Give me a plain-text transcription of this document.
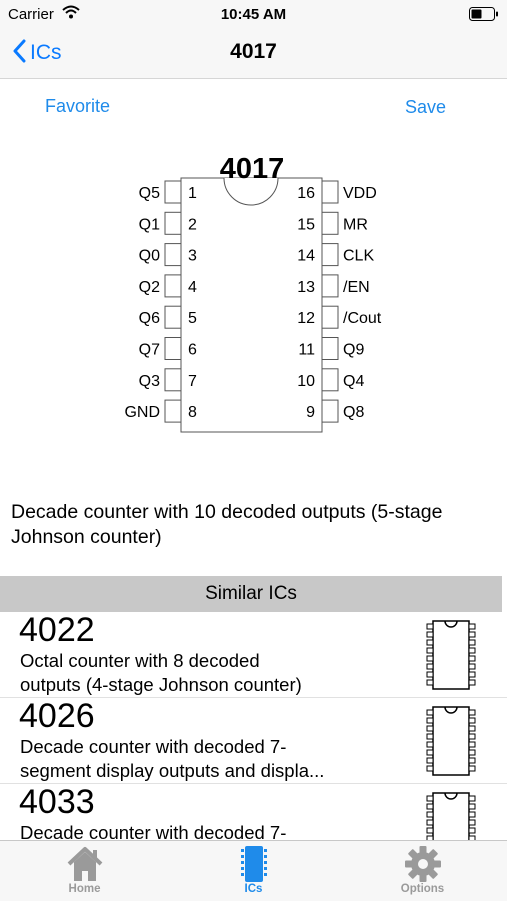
Carrier	10:45 AM
ICs	4017
Favorite	Save
4017
1
Q5
2
Q1
3
Q0
4
Q2
5
Q6
6
Q7
7
Q3
8
GND
16 VDD
15 MR
14 CLK
13 /EN
12 /Cout
11 Q9
10 Q4
9 Q8
Decade counter with 10 decoded outputs (5-stage Johnson counter)
Similar ICs
4022
Octal counter with 8 decoded
outputs (4-stage Johnson counter)
4026
Decade counter with decoded 7-
segment display outputs and displa...
4033
Decade counter with decoded 7-

Home	ICs	Options
